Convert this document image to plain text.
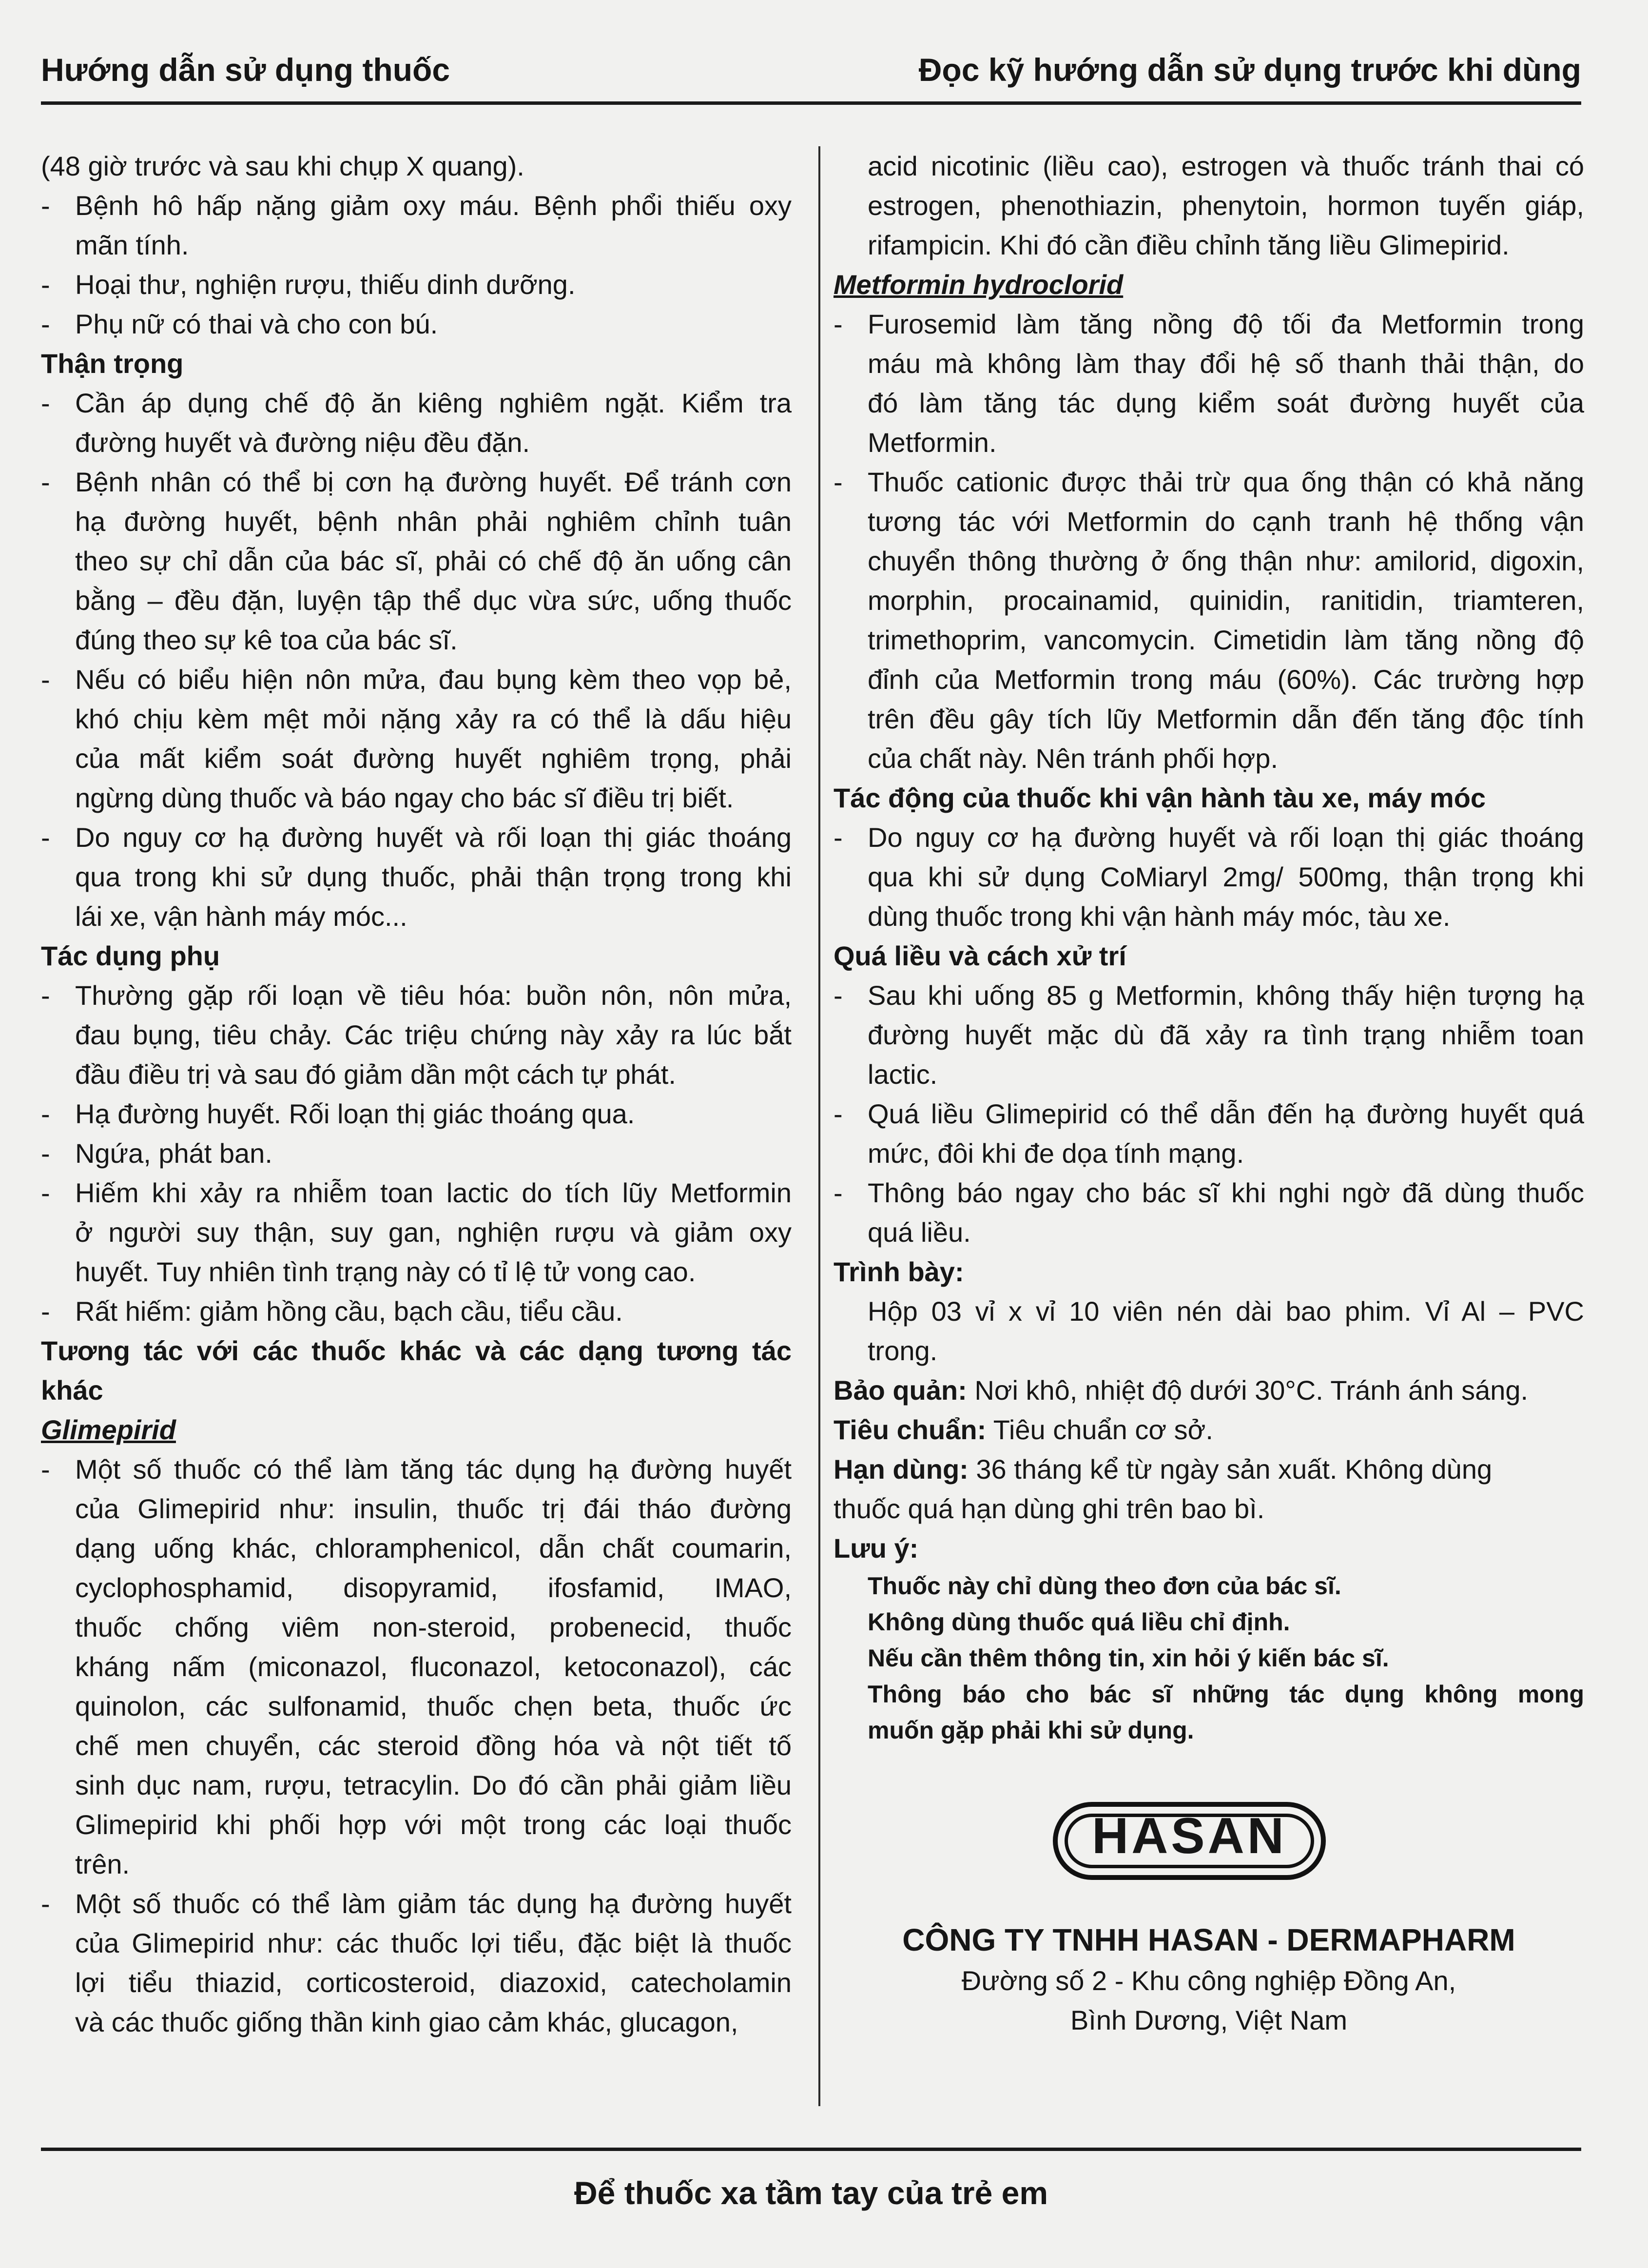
Hướng dẫn sử dụng thuốc	Đọc kỹ hướng dẫn sử dụng trước khi dùng
(48 giờ trước và sau khi chụp X quang).
- Bệnh hô hấp nặng giảm oxy máu. Bệnh phổi thiếu oxy
mãn tính.
- Hoại thư, nghiện rượu, thiếu dinh dưỡng.
- Phụ nữ có thai và cho con bú.
Thận trọng
- Cần áp dụng chế độ ăn kiêng nghiêm ngặt. Kiểm tra
đường huyết và đường niệu đều đặn.
- Bệnh nhân có thể bị cơn hạ đường huyết. Để tránh cơn
hạ đường huyết, bệnh nhân phải nghiêm chỉnh tuân
theo sự chỉ dẫn của bác sĩ, phải có chế độ ăn uống cân
bằng – đều đặn, luyện tập thể dục vừa sức, uống thuốc
đúng theo sự kê toa của bác sĩ.
- Nếu có biểu hiện nôn mửa, đau bụng kèm theo vọp bẻ,
khó chịu kèm mệt mỏi nặng xảy ra có thể là dấu hiệu
của mất kiểm soát đường huyết nghiêm trọng, phải
ngừng dùng thuốc và báo ngay cho bác sĩ điều trị biết.
- Do nguy cơ hạ đường huyết và rối loạn thị giác thoáng
qua trong khi sử dụng thuốc, phải thận trọng trong khi
lái xe, vận hành máy móc...
Tác dụng phụ
- Thường gặp rối loạn về tiêu hóa: buồn nôn, nôn mửa,
đau bụng, tiêu chảy. Các triệu chứng này xảy ra lúc bắt
đầu điều trị và sau đó giảm dần một cách tự phát.
- Hạ đường huyết. Rối loạn thị giác thoáng qua.
- Ngứa, phát ban.
- Hiếm khi xảy ra nhiễm toan lactic do tích lũy Metformin
ở người suy thận, suy gan, nghiện rượu và giảm oxy
huyết. Tuy nhiên tình trạng này có tỉ lệ tử vong cao.
- Rất hiếm: giảm hồng cầu, bạch cầu, tiểu cầu.
Tương tác với các thuốc khác và các dạng tương tác
khác
Glimepirid
- Một số thuốc có thể làm tăng tác dụng hạ đường huyết
của Glimepirid như: insulin, thuốc trị đái tháo đường
dạng uống khác, chloramphenicol, dẫn chất coumarin,
cyclophosphamid, disopyramid, ifosfamid, IMAO,
thuốc chống viêm non-steroid, probenecid, thuốc
kháng nấm (miconazol, fluconazol, ketoconazol), các
quinolon, các sulfonamid, thuốc chẹn beta, thuốc ức
chế men chuyển, các steroid đồng hóa và nột tiết tố
sinh dục nam, rượu, tetracylin. Do đó cần phải giảm liều
Glimepirid khi phối hợp với một trong các loại thuốc
trên.
- Một số thuốc có thể làm giảm tác dụng hạ đường huyết
của Glimepirid như: các thuốc lợi tiểu, đặc biệt là thuốc
lợi tiểu thiazid, corticosteroid, diazoxid, catecholamin
và các thuốc giống thần kinh giao cảm khác, glucagon,
acid nicotinic (liều cao), estrogen và thuốc tránh thai có
estrogen, phenothiazin, phenytoin, hormon tuyến giáp,
rifampicin. Khi đó cần điều chỉnh tăng liều Glimepirid.
Metformin hydroclorid
- Furosemid làm tăng nồng độ tối đa Metformin trong
máu mà không làm thay đổi hệ số thanh thải thận, do
đó làm tăng tác dụng kiểm soát đường huyết của
Metformin.
- Thuốc cationic được thải trừ qua ống thận có khả năng
tương tác với Metformin do cạnh tranh hệ thống vận
chuyển thông thường ở ống thận như: amilorid, digoxin,
morphin, procainamid, quinidin, ranitidin, triamteren,
trimethoprim, vancomycin. Cimetidin làm tăng nồng độ
đỉnh của Metformin trong máu (60%). Các trường hợp
trên đều gây tích lũy Metformin dẫn đến tăng độc tính
của chất này. Nên tránh phối hợp.
Tác động của thuốc khi vận hành tàu xe, máy móc
- Do nguy cơ hạ đường huyết và rối loạn thị giác thoáng
qua khi sử dụng CoMiaryl 2mg/ 500mg, thận trọng khi
dùng thuốc trong khi vận hành máy móc, tàu xe.
Quá liều và cách xử trí
- Sau khi uống 85 g Metformin, không thấy hiện tượng hạ
đường huyết mặc dù đã xảy ra tình trạng nhiễm toan
lactic.
- Quá liều Glimepirid có thể dẫn đến hạ đường huyết quá
mức, đôi khi đe dọa tính mạng.
- Thông báo ngay cho bác sĩ khi nghi ngờ đã dùng thuốc
quá liều.
Trình bày:
Hộp 03 vỉ x vỉ 10 viên nén dài bao phim. Vỉ Al – PVC
trong.
Bảo quản: Nơi khô, nhiệt độ dưới 30°C. Tránh ánh sáng.
Tiêu chuẩn: Tiêu chuẩn cơ sở.
Hạn dùng: 36 tháng kể từ ngày sản xuất. Không dùng
thuốc quá hạn dùng ghi trên bao bì.
Lưu ý:
Thuốc này chỉ dùng theo đơn của bác sĩ.
Không dùng thuốc quá liều chỉ định.
Nếu cần thêm thông tin, xin hỏi ý kiến bác sĩ.
Thông báo cho bác sĩ những tác dụng không mong
muốn gặp phải khi sử dụng.
HASAN
CÔNG TY TNHH HASAN - DERMAPHARM
Đường số 2 - Khu công nghiệp Đồng An,
Bình Dương, Việt Nam
Để thuốc xa tầm tay của trẻ em
